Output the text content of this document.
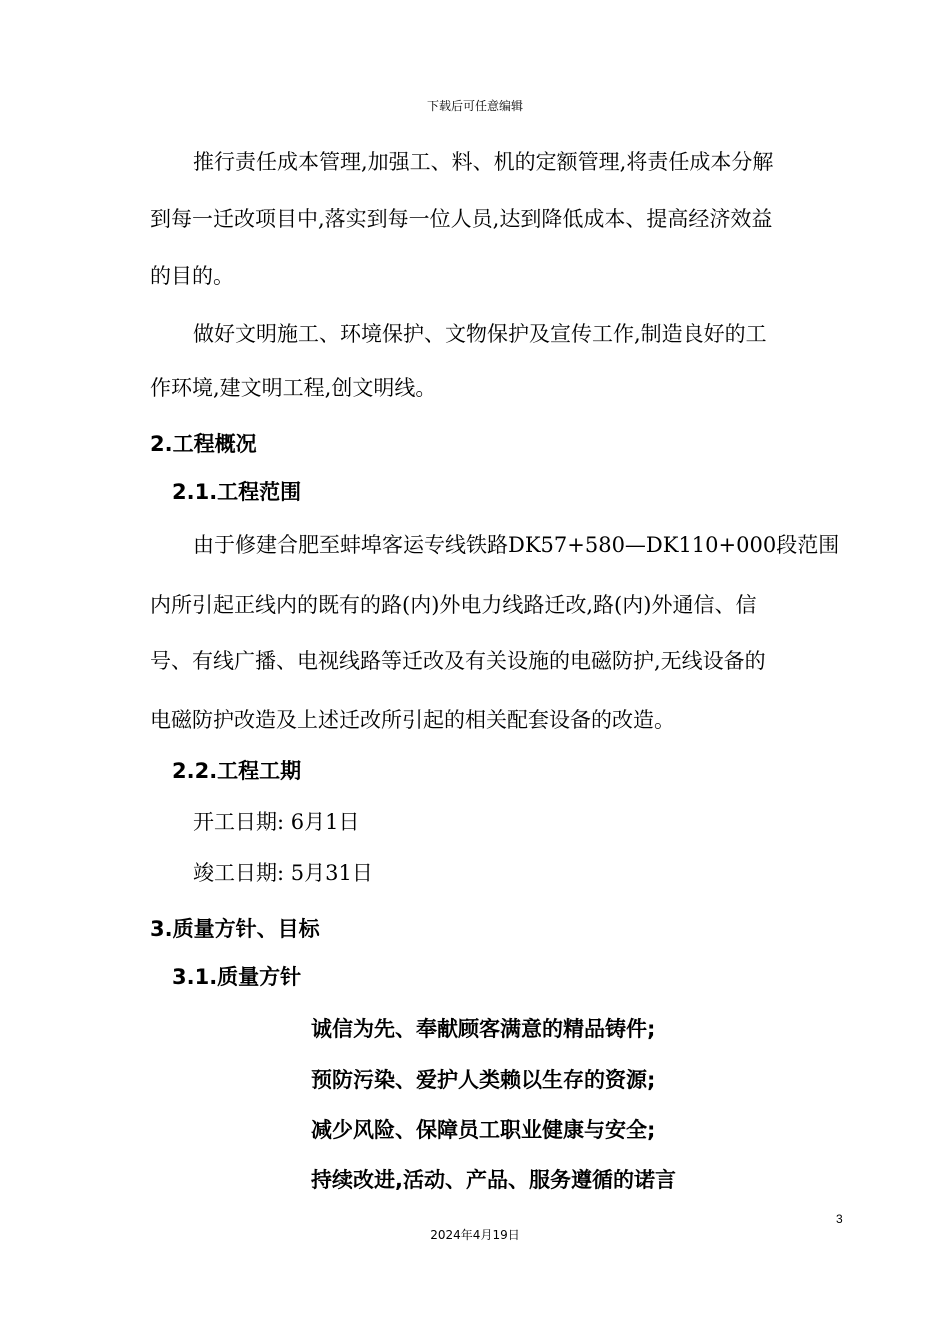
下载后可任意编辑
推行责任成本管理,加强工、料、机的定额管理,将责任成本分解
到每一迁改项目中,落实到每一位人员,达到降低成本、提高经济效益
的目的。
做好文明施工、环境保护、文物保护及宣传工作,制造良好的工
作环境,建文明工程,创文明线。
2.工程概况
2.1.工程范围
由于修建合肥至蚌埠客运专线铁路DK57+580—DK110+000段范围
内所引起正线内的既有的路(内)外电力线路迁改,路(内)外通信、信
号、有线广播、电视线路等迁改及有关设施的电磁防护,无线设备的
电磁防护改造及上述迁改所引起的相关配套设备的改造。
2.2.工程工期
开工日期: 6月1日
竣工日期: 5月31日
3.质量方针、目标
3.1.质量方针
诚信为先、奉献顾客满意的精品铸件;
预防污染、爱护人类赖以生存的资源;
减少风险、保障员工职业健康与安全;
持续改进,活动、产品、服务遵循的诺言
3
2024年4月19日
